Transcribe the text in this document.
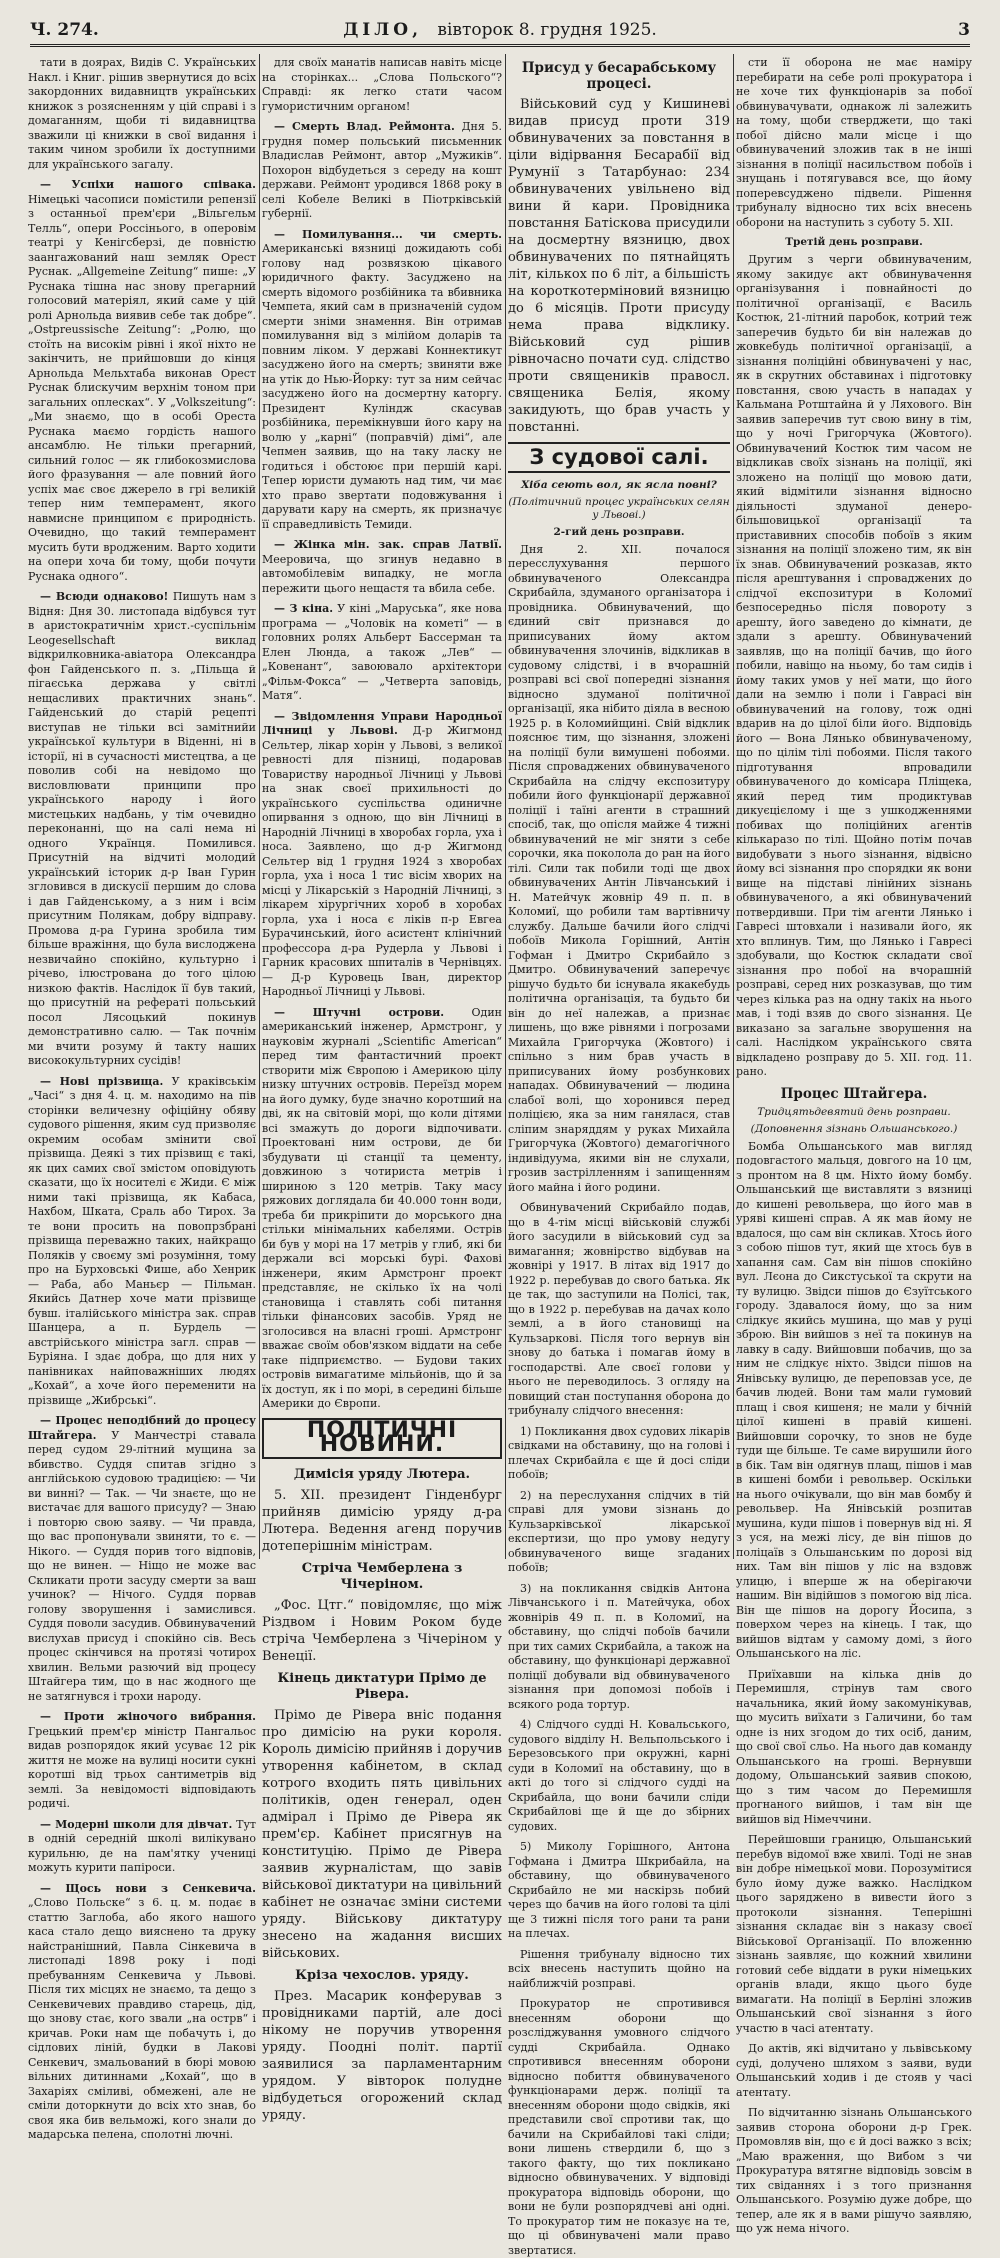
Ч. 274.	ДІЛО, вівторок 8. грудня 1925.	3

тати в доярах, Видів С. Українських Накл. і Книг. рішив звернутися до всіх закордонних видавництв українських книжок з розясненням у цій справі і з домаганням, щоби ті видавництва зважили ці книжки в свої видання і таким чином зробили їх доступними для українського загалу.

— Успіхи нашого співака. Німецькі часописи помістили репензії з останньої прем'єри „Вільгельм Телль“, опери Россінього, в оперовім театрі у Кенігсберзі, де повністю заангажований наш земляк Орест Руснак. „Allgemeine Zeitung“ пише: „У Руснака тішна нас знову прегарний голосовий матеріял, який саме у цій ролі Арнольда виявив себе так добре“. „Ostpreussische Zeitung“: „Ролю, що стоїть на високім рівні і якої ніхто не закінчить, не прийшовши до кінця Арнольда Мельхтаба виконав Орест Руснак блискучим верхнім тоном при загальних оплесках“. У „Volkszeitung“: „Ми знаємо, що в особі Ореста Руснака маємо гордість нашого ансамблю. Не тільки прегарний, сильний голос — як глибокозмислова його фразування — але повний його успіх має своє джерело в грі великій тепер ним темперамент, якого навмисне принципом є природність. Очевидно, що такий темперамент мусить бути вродженим. Варто ходити на опери хоча би тому, щоби почути Руснака одного“.

— Всюди однаково! Пишуть нам з Відня: Дня 30. листопада відбувся тут в аристократичнім христ.-суспільнім Leogesellschaft виклад відкрилковника-авіатора Олександра фон Гайденського п. з. „Пільща й пігаєська держава у світлі нещасливих практичних знань“. Гайденський до старій рецепті виступав не тільки всі замітнийи української культури в Віденні, ні в історії, ні в сучасності мистецтва, а це поволив собі на невідомо що висловлювати принципи про українського народу і його мистецьких надбань, у тім очевидно переконанні, що на салі нема ні одного Українця. Помилився. Присутній на відчиті молодий український історик д-р Іван Гурин згловився в дискусії першим до слова і дав Гайденському, а з ним і всім присутним Полякам, добру відправу. Промова д-ра Гурина зробила тим більше вражіння, що була вислоджена незвичайно спокійно, культурно і річево, ілюстрована до того цілою низкою фактів. Наслідок її був такий, що присутній на рефераті польський посол Лясоцький покинув демонстративно салю. — Так почнім ми вчити розуму й такту наших висококультурних сусідів!

— Нові прізвища. У краківськім „Часі“ з дня 4. ц. м. находимо на пів сторінки величезну офіційну обяву судового рішення, яким суд призволяє окремим особам змінити свої прізвища. Деякі з тих прізвищ є такі, як цих самих свої змістом оповідують сказати, що їх носителі є Жиди. Є між ними такі прізвища, як Кабаса, Нахбом, Шката, Сраль або Тирох. За те вони просить на повопрзбрані прізвища переважно таких, найкращо Поляків у своєму змі розуміння, тому про на Бурховські Фише, або Хенрик — Раба, або Маньєр — Пільман. Якийсь Датнер хоче мати прізвище бувш. італійського міністра зак. справ Шанцера, а п. Бурдель — австрійського міністра загл. справ — Буріяна. І здає добра, що для них у панівниках найповажніших людях „Кохай“, а хоче його переменити на прізвище „Жибрські“.

— Процес неподібний до процесу Штайгера. У Манчестрі ставала перед судом 29-літний мущина за вбивство. Суддя спитав згідно з англійською судовою традицією: — Чи ви винні? — Так. — Чи знаєте, що не вистачає для вашого присуду? — Знаю і повторю свою заяву. — Чи правда, що вас пропонували звиняти, то є. — Нікого. — Суддя порив того відповів, що не винен. — Ніщо не може вас Скликати проти засуду смерти за ваш учинок? — Нічого. Суддя порвав голову зворушення і замислився. Суддя поволи засудив. Обвинувачений вислухав присуд і спокійно сів. Весь процес скінчився на протязі чотирох хвилин. Вельми разючий від процесу Штайгера тим, що в нас жодного ще не затягнувся і трохи народу.

— Проти жіночого вибрання. Грецький прем'єр міністр Пангальос видав розпорядок який усуває 12 рік життя не може на вулиці носити сукні коротші від трьох сантиметрів від землі. За невідомості відповідають родичі.

— Модерні школи для дівчат. Тут в одній середній школі вилікувано курильню, де на пам'ятку учениці можуть курити папіроси.

— Щось нови з Сенкевича. „Слово Польске“ з 6. ц. м. подає в статтю Заглоба, або якого нашого каса стало дещо вияснено та друку найстранішний, Павла Сінкевича в листопаді 1898 року і поді пребуванням Сенкевича у Львові. Після тих місцях не знаємо, та дещо з Сенкевичевих правдиво старець, дід, що знову стає, кого звали „на острв“ і кричав. Роки нам ще побачуть і, до сідлових ліній, будки в Лакові Сенкевич, змальований в бюрі мовою вільних дитиннами „Кохай“, що в Захаріях сміливі, обмежені, але не сміли доторкнути до всіх хто знав, бо своя яка бив вельможі, кого знали до мадарська пелена, сполотні лючні.

для своїх манатів написав навіть місце на сторінках... „Слова Польского“? Справді: як легко стати часом гумористичним органом!

— Смерть Влад. Реймонта. Дня 5. грудня помер польський письменник Владислав Реймонт, автор „Мужиків“. Похорон відбудеться з середу на кошт держави. Реймонт уродився 1868 року в селі Кобеле Великі в Піотрківській губернії.

— Помилування... чи смерть. Американські вязниці дожидають собі голову над розвязкою цікавого юридичного факту. Засуджено на смерть відомого розбійника та вбивника Чемпета, який сам в призначеній судом смерти зніми знамення. Він отримав помилування від з мілійом доларів та повним ліком. У державі Коннектикут засуджено його на смерть; звиняти вже на утік до Нью-Йорку: тут за ним сейчас засуджено його на досмертну каторгу. Президент Куліндж скасував розбійника, перемікнувши його кару на волю у „карні“ (поправчій) дімі“, але Чепмен заявив, що на таку ласку не годиться і обстоює при першій карі. Тепер юристи думають над тим, чи має хто право звертати подовжування і дарувати кару на смерть, як призначує її справедливість Темиди.

— Жінка мін. зак. справ Латвії. Мееровича, що згинув недавно в автомобілевім випадку, не могла пережити цього нещастя та вбила себе.

— З кіна. У кіні „Маруська“, яке нова програма — „Чоловік на кометі“ — в головних ролях Альберт Бассерман та Елен Люнда, а також „Лев“ — „Ковенант“, завоювало архітектори „Фільм-Фокса“ — „Четверта заповідь, Матя“.

— Звідомлення Управи Народньої Лічниці у Львові. Д-р Жигмонд Сельтер, лікар хорін у Львові, з великої ревності для пізниці, подаровав Товариству народньої Лічниці у Львові на знак своєї прихильності до українського суспільства одиничне опирвання з одною, що він Лічниці в Народній Лічниці в хворобах горла, уха і носа. Заявлено, що д-р Жигмонд Сельтер від 1 грудня 1924 з хворобах горла, уха і носа 1 тис вісім хворих на місці у Лікарській з Народній Лічниці, з лікарем хірургічних хороб в хоробах горла, уха і носа є ліків п-р Евгеа Бурачинський, його асистент клінічний профессора д-ра Рудерла у Львові і Гарник красових шпиталів в Чернівцях. — Д-р Куровець Іван, директор Народньої Лічниці у Львові.

— Штучні острови. Один американський інженер, Армстронг, у науковім журналі „Scientific American“ перед тим фантастичний проект створити між Європою і Америкою цілу низку штучних островів. Переїзд морем на його думку, буде значно коротший на дві, як на світовій морі, що коли дітями всі змажуть до дороги відпочивати. Проектовані ним острови, де би збудувати ці станції та цементу, довжиною з чотириста метрів і шириною з 120 метрів. Таку масу ряжових доглядала би 40.000 тонн води, треба би прикріпити до морського дна стільки мінімальних кабелями. Острів би був у морі на 17 метрів у глиб, які би держали всі морські бурі. Фахові інженери, яким Армстронг проект представляє, не скілько їх на чолі становища і ставлять собі питання тільки фінансових засобів. Уряд не зголосився на власні гроші. Армстронг вважає своїм обов'язком віддати на себе таке підприємство. — Будови таких островів вимагатиме мільйонів, що й за їх доступ, як і по морі, в середині більше Америки до Європи.

ПОЛІТИЧНІ НОВИНИ.
Димісія уряду Лютера.

5. XII. президент Гінденбург прийняв димісію уряду д-ра Лютера. Ведення агенд поручив дотеперішнім міністрам.

Стріча Чемберлена з Чічеріном.

„Фос. Цтг.“ повідомляє, що між Різдвом і Новим Роком буде стріча Чемберлена з Чічеріном у Венеції.

Кінець диктатури Прімо де Рівера.

Прімо де Рівера вніс подання про димісію на руки короля. Король димісію прийняв і доручив утворення кабінетом, в склад котрого входить пять цивільних політиків, оден генерал, оден адмірал і Прімо де Рівера як прем'єр. Кабінет присягнув на конституцію. Прімо де Рівера заявив журналістам, що завів військової диктатури на цивільний кабінет не означає зміни системи уряду. Військову диктатуру знесено на жадання висших військових.

Кріза чехослов. уряду.

През. Масарик конферував з провідниками партій, але досі нікому не поручив утворення уряду. Поодні політ. партії заявилися за парламентарним урядом. У вівторок полудне відбудеться огорожений склад уряду.

Присуд у бесарабському процесі.

Військовий суд у Кишиневі видав присуд проти 319 обвинувачених за повстання в ціли відірвання Бесарабії від Румунії з Татарбунао: 234 обвинувачених увільнено від вини й кари. Провідника повстання Батіскова присудили на досмертну вязницю, двох обвинувачених по пятнайцять літ, кількох по 6 літ, а більшість на короткотерміновий вязницю до 6 місяців. Проти присуду нема права відклику. Військовий суд рішив рівночасно почати суд. слідство проти священиків правосл. священика Белія, якому закидують, що брав участь у повстанні.

З судової салі.
Хіба сеють вол, як ясла повні?
(Політичний процес українських селян у Львові.)
2-гий день розправи.

Дня 2. XII. почалося пересслухування першого обвинуваченого Олександра Скрибайла, здуманого організатора і провідника. Обвинувачений, що єдиний світ признався до приписуваних йому актом обвинувачення злочинів, відкликав в судовому слідстві, і в вчорашній розправі всі свої попередні зізнання відносно здуманої політичної організації, яка нібито діяла в весною 1925 р. в Коломийщині. Свій відклик пояснює тим, що зізнання, зложені на поліції були вимушені побоями. Після спроваджених обвинуваченого Скрибайла на слідчу експозитуру побили його функціонарії державної поліції і таїні агенти в страшний спосіб, так, що опісля майже 4 тижні обвинувачений не міг зняти з себе сорочки, яка поколола до ран на його тілі. Сили так побили тоді ще двох обвинувачених Антін Лівчанський і Н. Матейчук жовнір 49 п. п. в Коломиї, що робили там вартівничу службу. Дальше бачили його слідчі побоїв Микола Горішний, Антін Гофман і Дмитро Скрибайло з Дмитро. Обвинувачений заперечує рішучо будьто би існувала якакебудь політична організація, та будьто би він до неї належав, а признає лишень, що вже рівнями і погрозами Михайла Григорчука (Жовтого) і спільно з ним брав участь в приписуваних йому розбункових нападах. Обвинувачений — людина слабої волі, що хоронився перед поліцією, яка за ним ганялася, став сліпим знаряддям у руках Михайла Григорчука (Жовтого) демагогічного індивідуума, якими він не слухали, грозив застрілленням і запищенням його майна і його родини.

Обвинувачений Скрибайло подав, що в 4-тім місці військовій службі його засудили в військовий суд за вимагання; жовнірство відбував на жовнірі у 1917. В літах від 1917 до 1922 р. перебував до свого батька. Як це так, що заступили на Полісі, так, що в 1922 р. перебував на дачах коло землі, а в його становищі на Кульзаркові. Після того вернув він знову до батька і помагав йому в господарстві. Але своєї голови у нього не переводилось. З огляду на повищий стан поступання оборона до трибуналу слідчого внесення:

1) Покликання двох судових лікарів свідками на обставину, що на голові і плечах Скрибайла є ще й досі сліди побоїв;

2) на переслухання слідчих в тій справі для умови зізнань до Кульзарківської лікарської експертизи, що про умову недугу обвинуваченого вище згаданих побоїв;

3) на покликання свідків Антона Лівчанського і п. Матейчука, обох жовнірів 49 п. п. в Коломиї, на обставину, що слідчі побоїв бачили при тих самих Скрибайла, а також на обставину, що функціонарі державної поліції добували від обвинуваченого зізнання при допомозі побоїв і всякого рода тортур.

4) Слідчого судді Н. Ковальського, судового відділу Н. Вельпольського і Березовського при окружні, карні суди в Коломиї на обставину, що в акті до того зі слідчого судді на Скрибайла, що вони бачили сліди Скрибайлові ще й ще до збірних судових.

5) Миколу Горішного, Антона Гофмана і Дмитра Шкрибайла, на обставину, що обвинуваченого Скрибайло не ми наскірзь побий через що бачив на його голові та цілі ще 3 тижні після того рани та рани на плечах.

Рішення трибуналу відносно тих всіх внесень наступить щойно на найближчій розправі.

Прокуратор не спротивився внесенням оборони що розсліджування умовного слідчого судді Скрибайла. Однако спротивився внесенням оборони відносно побиття обвинуваченого функціонарами держ. поліції та внесенням оборони щодо свідків, які представили свої спротиви так, що бачили на Скрибайлові такі сліди; вони лишень ствердили б, що з такого факту, що тих покликано відносно обвинувачених. У відповіді прокуратора відповідь оборони, що вони не були розпорядчеві ані одні. То прокуратор тим не показує на те, що ці обвинувачені мали право звертатися.

сти її оборона не має наміру перебирати на себе ролі прокуратора і не хоче тих функціонарів за побої обвинувачувати, однакож лі залежить на тому, щоби стверджети, що такі побої дійсно мали місце і що обвинувачений зложив так в не інші зізнання в поліції насильством побоїв і знущань і потягувався все, що йому поперевсуджено підвели. Рішення трибуналу відносно тих всіх внесень оборони на наступить з суботу 5. XII.

Третій день розправи.

Другим з черги обвинуваченим, якому закидує акт обвинувачення організування і повнайності до політичної організації, є Василь Костюк, 21-літний паробок, котрий теж заперечив будьто би він належав до жовкебудь політичної організації, а зізнання поліційні обвинувачені у нас, як в скрутних обставинах і підготовку повстання, свою участь в нападах у Кальмана Ротштайна й у Ляхового. Він заявив заперечив тут свою вину в тім, що у ночі Григорчука (Жовтого). Обвинувачений Костюк тим часом не відкликав своїх зізнань на поліції, які зложено на поліції що мовою дати, який відмітили зізнання відносно діяльності здуманої денеро-більшовицької організації та приставивних способів побоїв з яким зізнання на поліції зложено тим, як він їх знав. Обвинувачений розказав, якто після арештування і спроваджених до слідчої експозитури в Коломиї безпосередньо після повороту з арешту, його заведено до кімнати, де здали з арешту. Обвинувачений заявляв, що на поліції бачив, що його побили, навіщо на ньому, бо там сидів і йому таких умов у неї мати, що його дали на землю і поли і Гаврасі він обвинувачений на голову, тож одні вдарив на до цілої біли його. Відповідь його — Вона Лянько обвинуваченому, що по цілім тілі побоями. Після такого підготування впровадили обвинуваченого до комісара Пліщека, який перед тим продиктував дикуєцієлому і ще з ушкодженнями побивах що поліційних агентів кількаразо по тілі. Щойно потім почав видобувати з нього зізнання, відвісно йому всі зізнання про спорядки як вони вище на підставі лінійних зізнань обвинуваченого, а які обвинувачений потвердивши. При тім агенти Лянько і Гавресі штовхали і називали його, як хто вплинув. Тим, що Лянько і Гавресі здобували, що Костюк складати свої зізнання про побої на вчорашній розправі, серед них розказував, що тим через кілька раз на одну такіх на нього мав, і тоді взяв до свого зізнання. Це виказано за загальне зворушення на салі. Наслідком українського свята відкладено розправу до 5. XII. год. 11. рано.

Процес Штайгера.
Тридцятьдевятий день розправи.
(Доповнення зізнань Ольшанського.)

Бомба Ольшанського мав вигляд подовгастого мальця, довгого на 10 цм, з пронтом на 8 цм. Ніхто йому бомбу. Ольшанський ще виставляти з вязниці до кишені револьвера, що його мав в уряві кишені справ. А як мав йому не вдалося, що сам він скликав. Хтось його з собою пішов тут, який ще хтось був в хапання сам. Сам він пішов спокійно вул. Лєона до Сикстуської та скрути на ту вулицю. Звідси пішов до Єзуїтського городу. Здавалося йому, що за ним слідкує якийсь мушина, що мав у руці зброю. Він вийшов з неї та покинув на лавку в саду. Вийшовши побачив, що за ним не слідкує ніхто. Звідси пішов на Янівську вулицю, де переповзав усе, де бачив людей. Вони там мали гумовий плащ і своя кишеня; не мали у бічній цілої кишені в правій кишені. Вийшовши сорочку, то знов не буде туди ще більше. Те саме вирушили його в бік. Там він одягнув плащ, пішов і мав в кишені бомби і револьвер. Оскільки на нього очікували, що він мав бомбу й револьвер. На Янівській розпитав мушина, куди пішов і повернув від ні. Я з уся, на межі лісу, де він пішов до поліцаїв з Ольшанським по дорозі від них. Там він пішов у ліс на вздовж улицю, і вперше ж на оберігаючи нашим. Він відійшов з помогою від ліса. Він ще пішов на дорогу Йосипа, з поверхом через на кінець. І так, що вийшов відтам у самому домі, з його Ольшанського на ліс.

Приїхавши на кілька днів до Перемишля, стрінув там свого начальника, який йому закомунікував, що мусить виїхати з Галичини, бо там одне із них згодом до тих осіб, даним, що свої свої сльо. На нього дав команду Ольшанського на гроші. Вернувши додому, Ольшанський заявив спокою, що з тим часом до Перемишля прогнаного вийшов, і там він ще вийшов від Німеччини.

Перейшовши границю, Ольшанський перебув відомої вже хвилі. Тоді не знав він добре німецької мови. Порозумітися було йому дуже важко. Наслідком цього заряджено в вивести його з протоколи зізнання. Теперішні зізнання складає він з наказу своєї Військової Організації. По вложенню зізнань заявляє, що кожний хвилини готовий себе віддати в руки німецьких органів влади, якщо цього буде вимагати. На поліції в Берліні зложив Ольшанський свої зізнання з його участю в часі атентату.

До актів, які відчитано у львівському суді, долучено шляхом з заяви, вуди Ольшанський ходив і де стояв у часі атентату.

По відчитанню зізнань Ольшанського заявив сторона оборони д-р Грек. Промовляв він, що є й досі важко з всіх; „Маю враження, що Вибом з чи Прокуратура вятягне відповідь зовсім в тих свіданнях і з того признання Ольшанського. Розумію дуже добре, що тепер, але як я в вами рішучо заявляю, що уж нема нічого.
